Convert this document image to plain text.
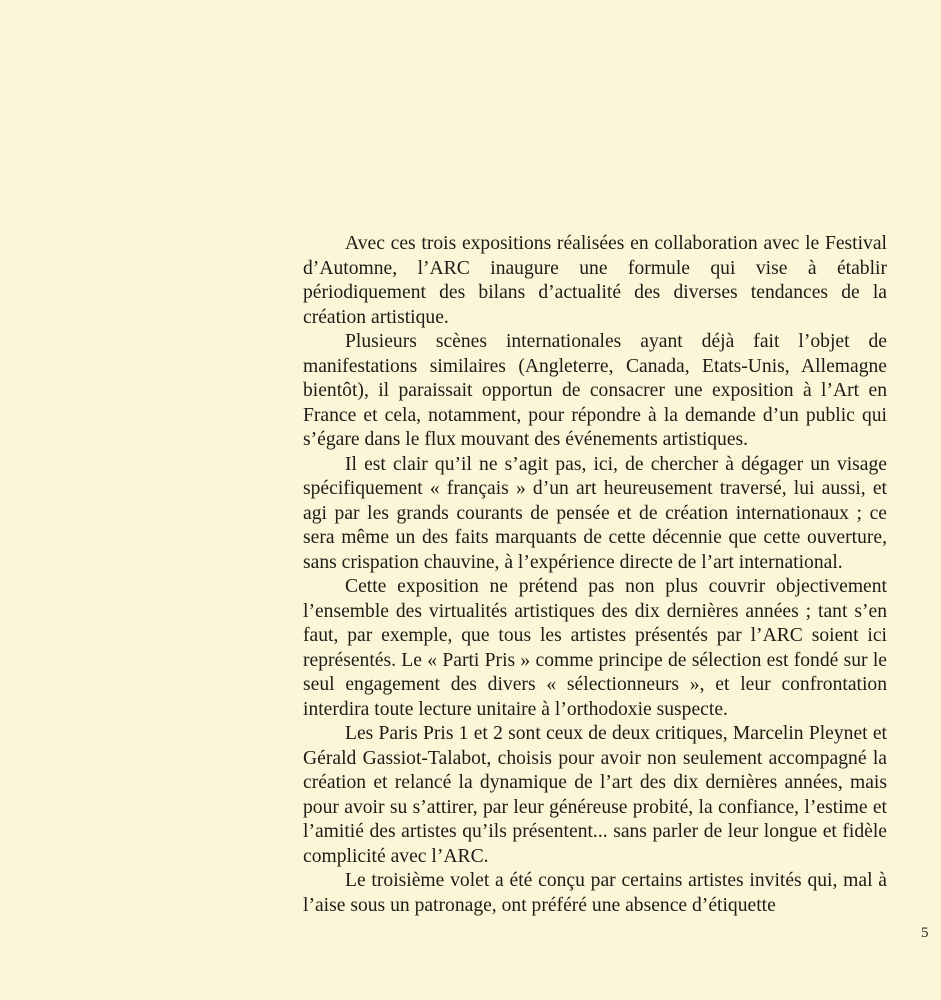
Avec ces trois expositions réalisées en collaboration avec le Festival d’Automne, l’ARC inaugure une formule qui vise à établir périodiquement des bilans d’actualité des diverses tendances de la création artistique.

Plusieurs scènes internationales ayant déjà fait l’objet de manifestations similaires (Angleterre, Canada, Etats-Unis, Allemagne bientôt), il paraissait opportun de consacrer une exposition à l’Art en France et cela, notamment, pour répondre à la demande d’un public qui s’égare dans le flux mouvant des événements artistiques.

Il est clair qu’il ne s’agit pas, ici, de chercher à dégager un visage spécifiquement « français » d’un art heureusement traversé, lui aussi, et agi par les grands courants de pensée et de création internationaux ; ce sera même un des faits marquants de cette décennie que cette ouverture, sans crispation chauvine, à l’expérience directe de l’art international.

Cette exposition ne prétend pas non plus couvrir objectivement l’ensemble des virtualités artistiques des dix dernières années ; tant s’en faut, par exemple, que tous les artistes présentés par l’ARC soient ici représentés. Le « Parti Pris » comme principe de sélection est fondé sur le seul engagement des divers « sélectionneurs », et leur confrontation interdira toute lecture unitaire à l’orthodoxie suspecte.

Les Paris Pris 1 et 2 sont ceux de deux critiques, Marcelin Pleynet et Gérald Gassiot-Talabot, choisis pour avoir non seulement accompagné la création et relancé la dynamique de l’art des dix dernières années, mais pour avoir su s’attirer, par leur généreuse probité, la confiance, l’estime et l’amitié des artistes qu’ils présentent... sans parler de leur longue et fidèle complicité avec l’ARC.

Le troisième volet a été conçu par certains artistes invités qui, mal à l’aise sous un patronage, ont préféré une absence d’étiquette

5
